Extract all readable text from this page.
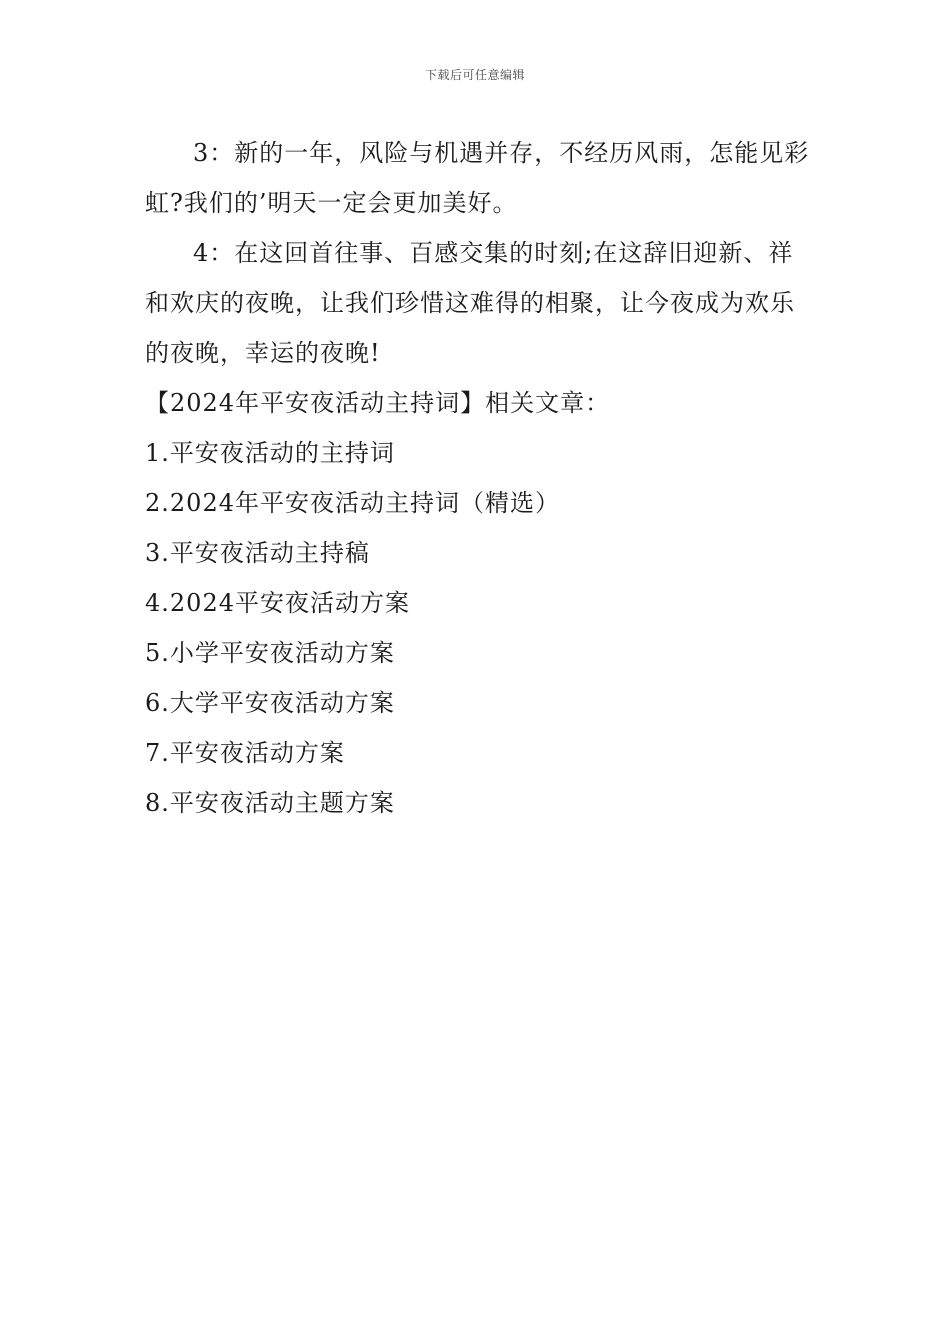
下载后可任意编辑

3：新的一年，风险与机遇并存，不经历风雨，怎能见彩虹?我们的’明天一定会更加美好。

4：在这回首往事、百感交集的时刻;在这辞旧迎新、祥和欢庆的夜晚，让我们珍惜这难得的相聚，让今夜成为欢乐的夜晚，幸运的夜晚!

【2024年平安夜活动主持词】相关文章：

1.平安夜活动的主持词
2.2024年平安夜活动主持词（精选）
3.平安夜活动主持稿
4.2024平安夜活动方案
5.小学平安夜活动方案
6.大学平安夜活动方案
7.平安夜活动方案
8.平安夜活动主题方案
